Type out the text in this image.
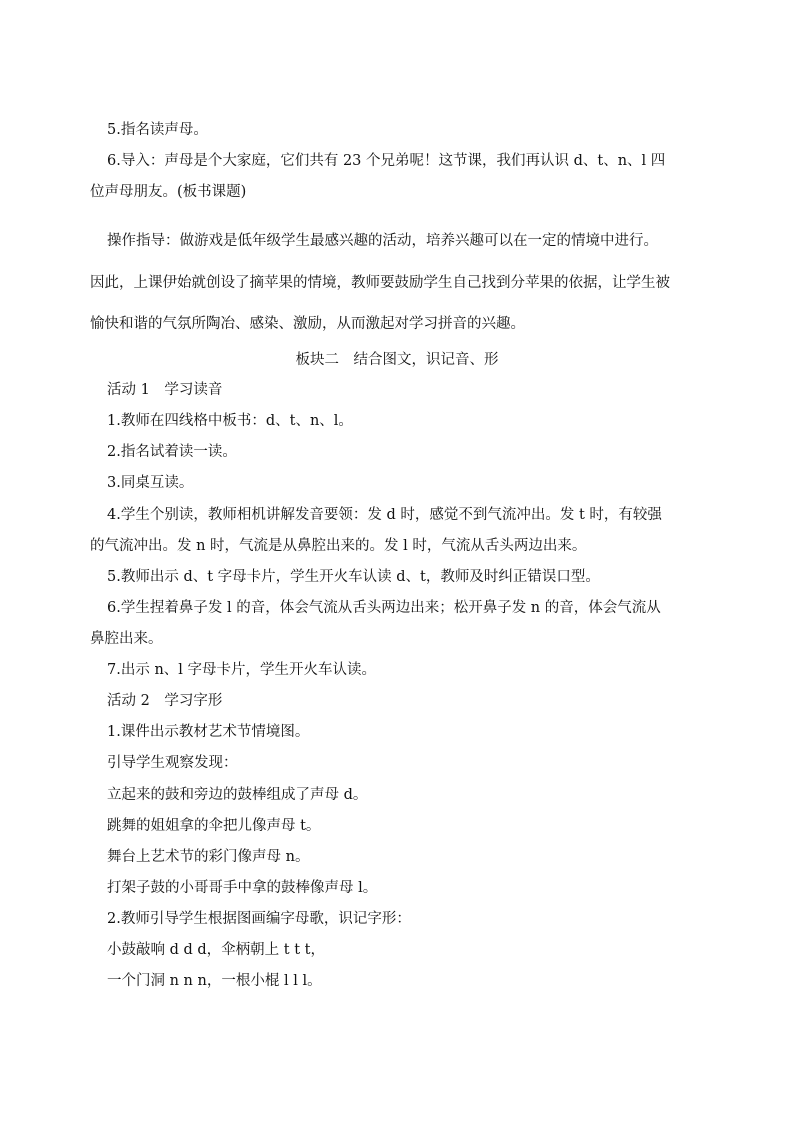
5.指名读声母。
6.导入：声母是个大家庭，它们共有 23 个兄弟呢！这节课，我们再认识 d、t、n、l 四
位声母朋友。(板书课题)
操作指导：做游戏是低年级学生最感兴趣的活动，培养兴趣可以在一定的情境中进行。
因此，上课伊始就创设了摘苹果的情境，教师要鼓励学生自己找到分苹果的依据，让学生被
愉快和谐的气氛所陶冶、感染、激励，从而激起对学习拼音的兴趣。
板块二　结合图文，识记音、形
活动 1　学习读音
1.教师在四线格中板书：d、t、n、l。
2.指名试着读一读。
3.同桌互读。
4.学生个别读，教师相机讲解发音要领：发 d 时，感觉不到气流冲出。发 t 时，有较强
的气流冲出。发 n 时，气流是从鼻腔出来的。发 l 时，气流从舌头两边出来。
5.教师出示 d、t 字母卡片，学生开火车认读 d、t，教师及时纠正错误口型。
6.学生捏着鼻子发 l 的音，体会气流从舌头两边出来；松开鼻子发 n 的音，体会气流从
鼻腔出来。
7.出示 n、l 字母卡片，学生开火车认读。
活动 2　学习字形
1.课件出示教材艺术节情境图。
引导学生观察发现：
立起来的鼓和旁边的鼓棒组成了声母 d。
跳舞的姐姐拿的伞把儿像声母 t。
舞台上艺术节的彩门像声母 n。
打架子鼓的小哥哥手中拿的鼓棒像声母 l。
2.教师引导学生根据图画编字母歌，识记字形：
小鼓敲响 d d d，伞柄朝上 t t t，
一个门洞 n n n，一根小棍 l l l。
